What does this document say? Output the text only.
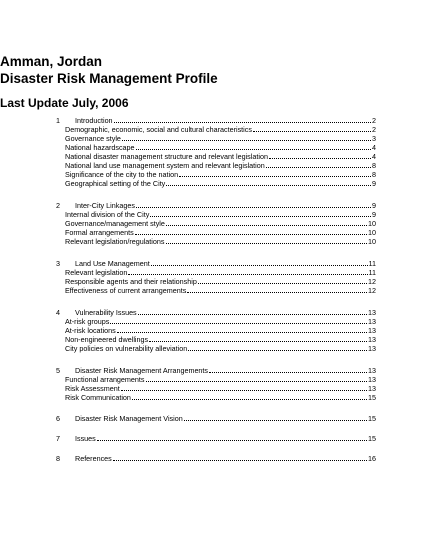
Amman, Jordan
Disaster Risk Management Profile
Last Update July, 2006
1	Introduction	2
Demographic, economic, social and cultural characteristics	2
Governance style	3
National hazardscape	4
National disaster management structure and relevant legislation	4
National land use management system and relevant legislation	8
Significance of the city to the nation	8
Geographical setting of the City	9
2	Inter-City Linkages	9
Internal division of the City	9
Governance/management style	10
Formal arrangements	10
Relevant legislation/regulations	10
3	Land Use Management	11
Relevant legislation	11
Responsible agents and their relationship	12
Effectiveness of current arrangements	12
4	Vulnerability Issues	13
At-risk groups	13
At-risk locations	13
Non-engineered dwellings	13
City policies on vulnerability alleviation	13
5	Disaster Risk Management Arrangements	13
Functional arrangements	13
Risk Assessment	13
Risk Communication	15
6	Disaster Risk Management Vision	15
7	Issues	15
8	References	16
